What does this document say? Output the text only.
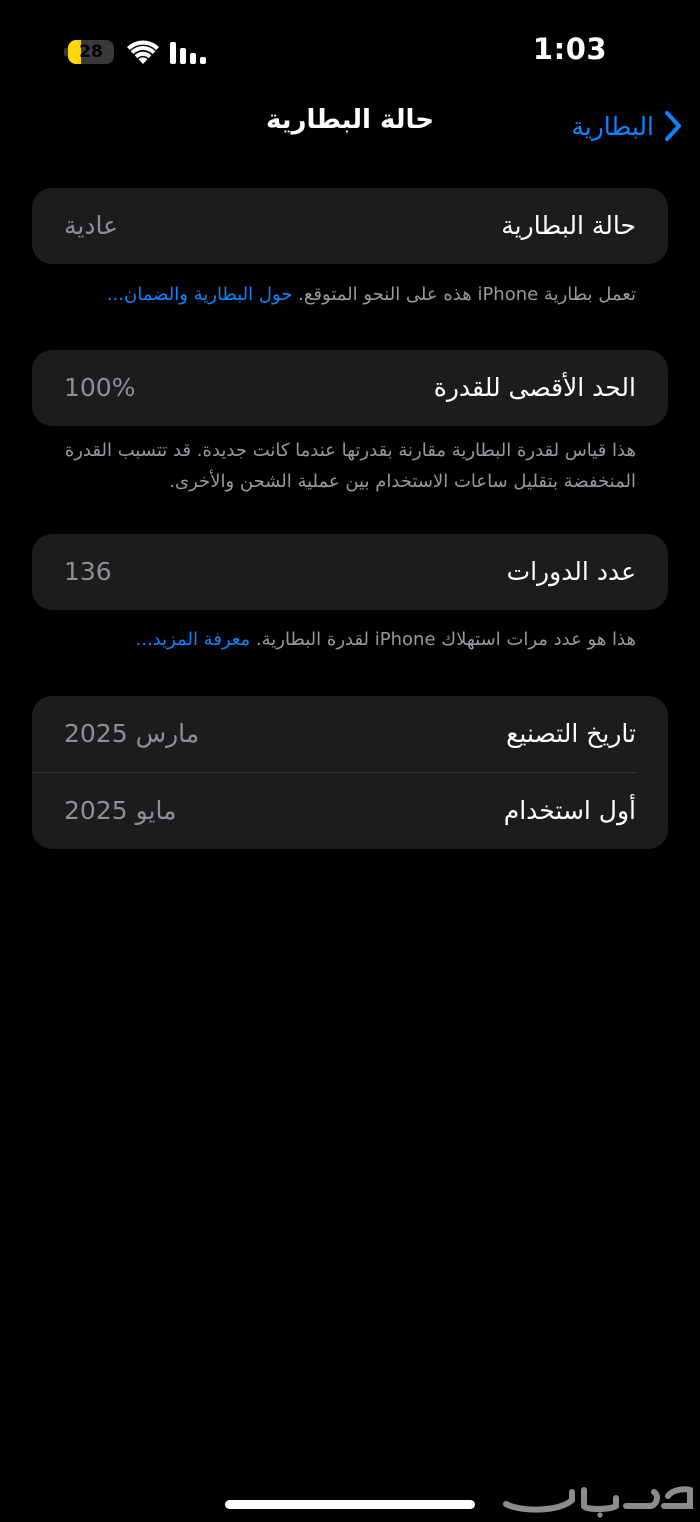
28	1:03
البطارية
حالة البطارية
حالة البطارية
عادية
تعمل بطارية iPhone هذه على النحو المتوقع. حول البطارية والضمان...
الحد الأقصى للقدرة
100%
هذا قياس لقدرة البطارية مقارنة بقدرتها عندما كانت جديدة. قد تتسبب القدرة المنخفضة بتقليل ساعات الاستخدام بين عملية الشحن والأخرى.
عدد الدورات
136
هذا هو عدد مرات استهلاك iPhone لقدرة البطارية. معرفة المزيد...
تاريخ التصنيع
مارس 2025
أول استخدام
مايو 2025
